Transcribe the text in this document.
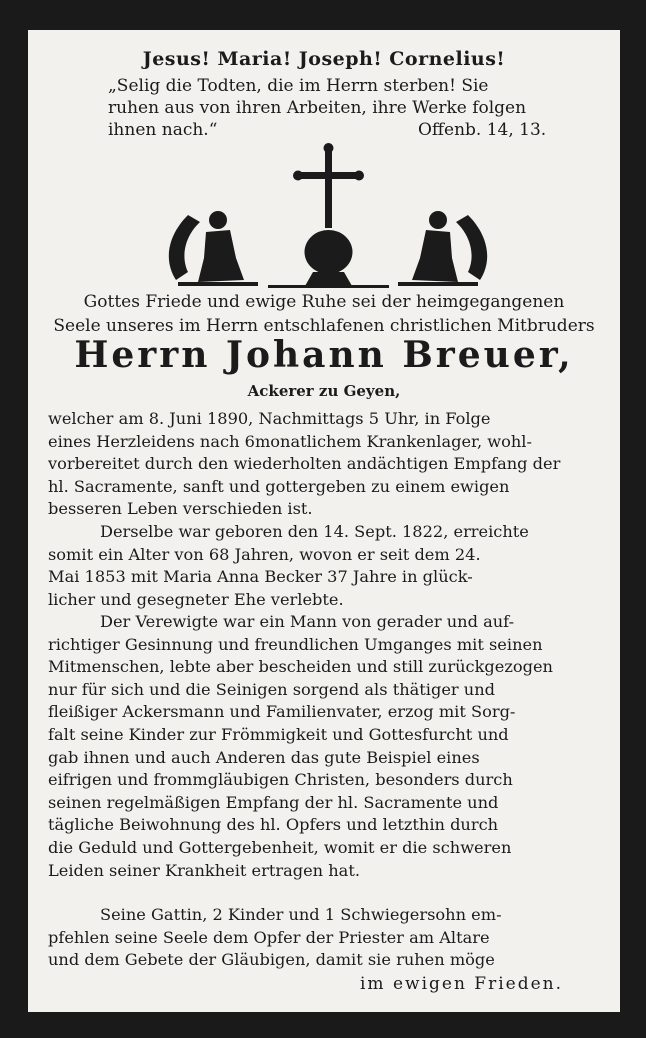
Jesus! Maria! Joseph! Cornelius!

„Selig die Todten, die im Herrn sterben! Sie

ruhen aus von ihren Arbeiten, ihre Werke folgen

ihnen nach.“	Offenb. 14, 13.

Gottes Friede und ewige Ruhe sei der heimgegangenen

Seele unseres im Herrn entschlafenen christlichen Mitbruders

Herrn Johann Breuer,

Ackerer zu Geyen,

welcher am 8. Juni 1890, Nachmittags 5 Uhr, in Folge
eines Herzleidens nach 6monatlichem Krankenlager, wohl-
vorbereitet durch den wiederholten andächtigen Empfang der
hl. Sacramente, sanft und gottergeben zu einem ewigen
besseren Leben verschieden ist.
Derselbe war geboren den 14. Sept. 1822, erreichte
somit ein Alter von 68 Jahren, wovon er seit dem 24.
Mai 1853 mit Maria Anna Becker 37 Jahre in glück-
licher und gesegneter Ehe verlebte.
Der Verewigte war ein Mann von gerader und auf-
richtiger Gesinnung und freundlichen Umganges mit seinen
Mitmenschen, lebte aber bescheiden und still zurückgezogen
nur für sich und die Seinigen sorgend als thätiger und
fleißiger Ackersmann und Familienvater, erzog mit Sorg-
falt seine Kinder zur Frömmigkeit und Gottesfurcht und
gab ihnen und auch Anderen das gute Beispiel eines
eifrigen und frommgläubigen Christen, besonders durch
seinen regelmäßigen Empfang der hl. Sacramente und
tägliche Beiwohnung des hl. Opfers und letzthin durch
die Geduld und Gottergebenheit, womit er die schweren
Leiden seiner Krankheit ertragen hat.
Seine Gattin, 2 Kinder und 1 Schwiegersohn em-
pfehlen seine Seele dem Opfer der Priester am Altare
und dem Gebete der Gläubigen, damit sie ruhen möge

im ewigen Frieden.
